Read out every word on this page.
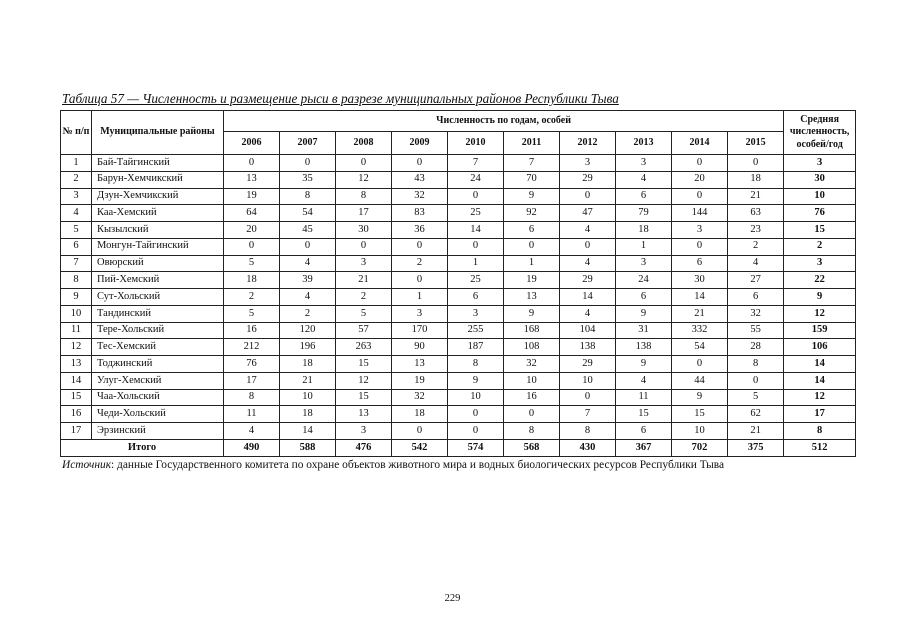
Таблица 57 — Численность и размещение рыси в разрезе муниципальных районов Республики Тыва
№ п/п	Муниципальные районы	Численность по годам, особей										Средняя численность, особей/год
		2006	2007	2008	2009	2010	2011	2012	2013	2014	2015	
1	Бай-Тайгинский	0	0	0	0	7	7	3	3	0	0	3
2	Барун-Хемчикский	13	35	12	43	24	70	29	4	20	18	30
3	Дзун-Хемчикский	19	8	8	32	0	9	0	6	0	21	10
4	Каа-Хемский	64	54	17	83	25	92	47	79	144	63	76
5	Кызылский	20	45	30	36	14	6	4	18	3	23	15
6	Монгун-Тайгинский	0	0	0	0	0	0	0	1	0	2	2
7	Овюрский	5	4	3	2	1	1	4	3	6	4	3
8	Пий-Хемский	18	39	21	0	25	19	29	24	30	27	22
9	Сут-Хольский	2	4	2	1	6	13	14	6	14	6	9
10	Тандинский	5	2	5	3	3	9	4	9	21	32	12
11	Тере-Хольский	16	120	57	170	255	168	104	31	332	55	159
12	Тес-Хемский	212	196	263	90	187	108	138	138	54	28	106
13	Тоджинский	76	18	15	13	8	32	29	9	0	8	14
14	Улуг-Хемский	17	21	12	19	9	10	10	4	44	0	14
15	Чаа-Хольский	8	10	15	32	10	16	0	11	9	5	12
16	Чеди-Хольский	11	18	13	18	0	0	7	15	15	62	17
17	Эрзинский	4	14	3	0	0	8	8	6	10	21	8
Итого		490	588	476	542	574	568	430	367	702	375	512
Источник: данные Государственного комитета по охране объектов животного мира и водных биологических ресурсов Республики Тыва
229
